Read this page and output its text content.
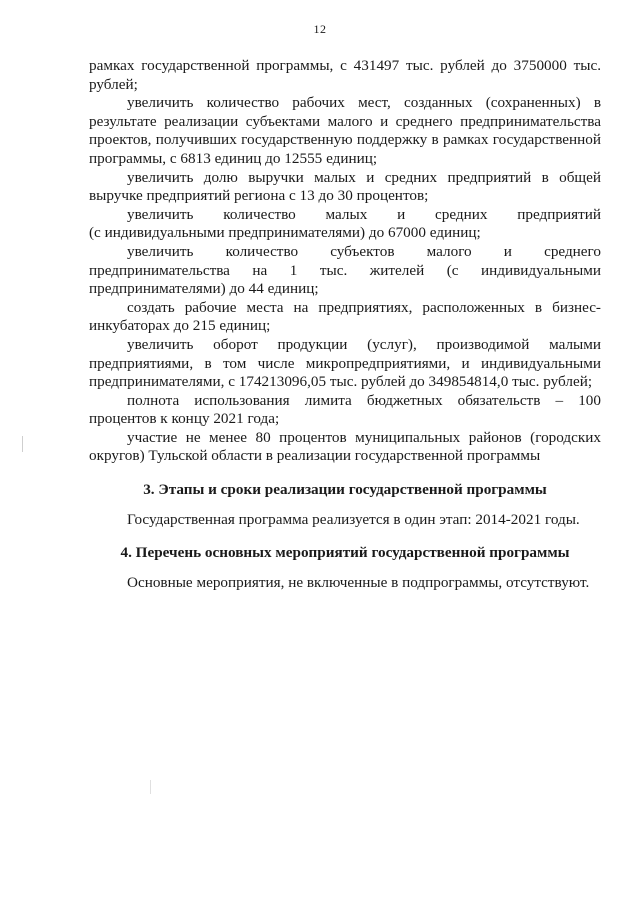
12

рамках государственной программы, с 431497 тыс. рублей до 3750000 тыс.
рублей;

увеличить количество рабочих мест, созданных (сохраненных) в
результате реализации субъектами малого и среднего предпринимательства
проектов, получивших государственную поддержку в рамках государственной
программы, с 6813 единиц до 12555 единиц;

увеличить долю выручки малых и средних предприятий в общей
выручке предприятий региона с 13 до 30 процентов;

увеличить количество малых и средних предприятий
(с индивидуальными предпринимателями) до 67000 единиц;

увеличить количество субъектов малого и среднего
предпринимательства на 1 тыс. жителей (с индивидуальными
предпринимателями) до 44 единиц;

создать рабочие места на предприятиях, расположенных в бизнес-
инкубаторах до 215 единиц;

увеличить оборот продукции (услуг), производимой малыми
предприятиями, в том числе микропредприятиями, и индивидуальными
предпринимателями, с 174213096,05 тыс. рублей до 349854814,0 тыс. рублей;

полнота использования лимита бюджетных обязательств – 100
процентов к концу 2021 года;

участие не менее 80 процентов муниципальных районов (городских
округов) Тульской области в реализации государственной программы

3. Этапы и сроки реализации государственной программы

Государственная программа реализуется в один этап: 2014-2021 годы.

4. Перечень основных мероприятий государственной программы

Основные мероприятия, не включенные в подпрограммы, отсутствуют.
